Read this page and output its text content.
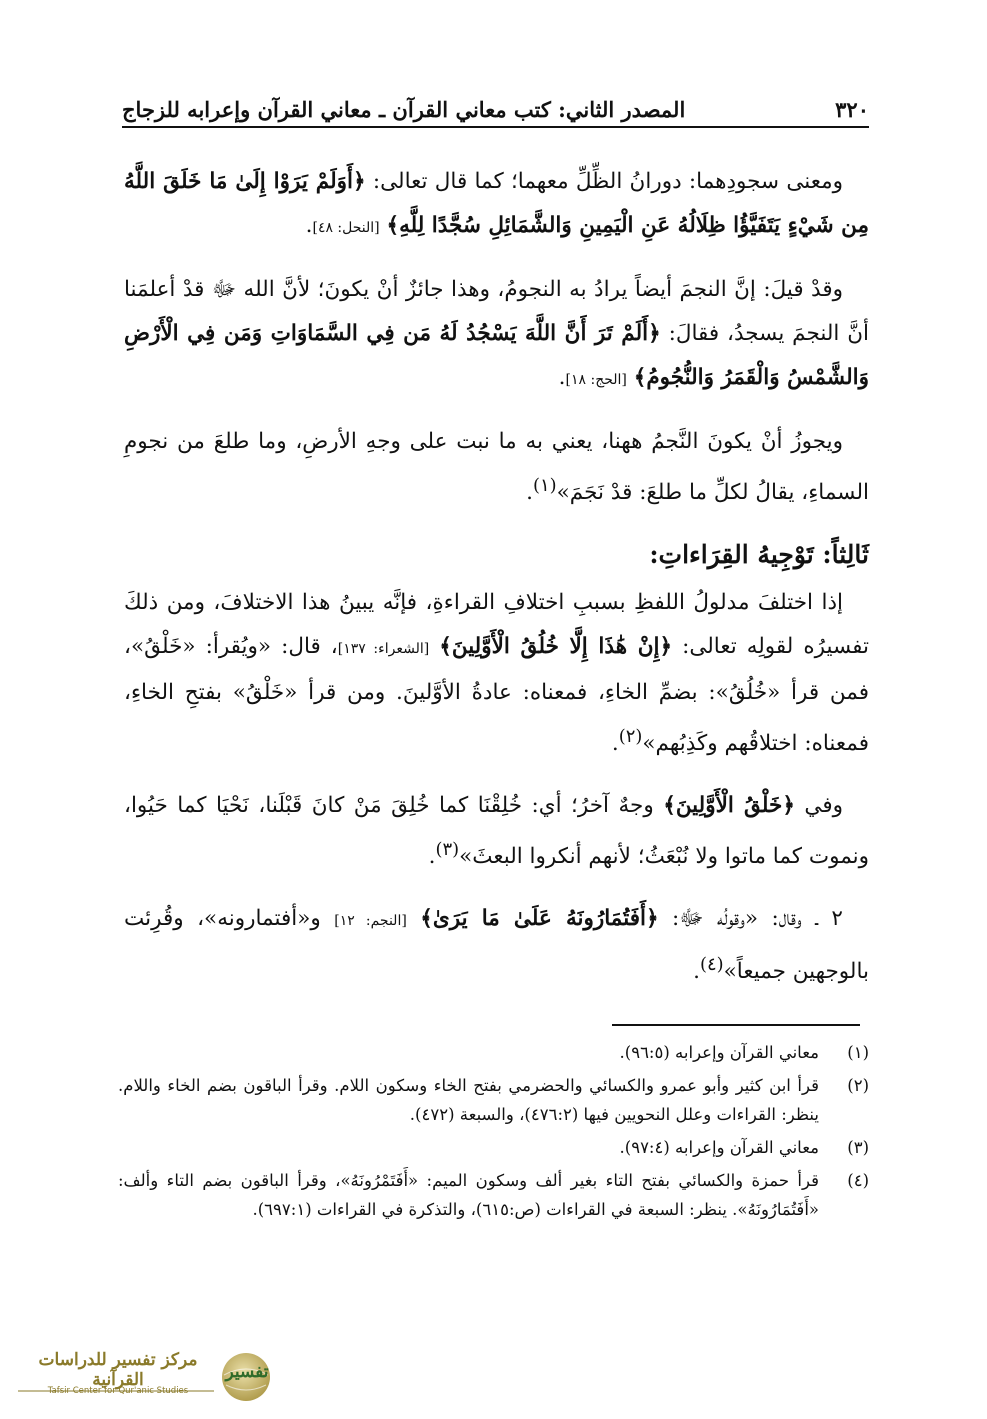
٣٢٠
المصدر الثاني: كتب معاني القرآن ـ معاني القرآن وإعرابه للزجاج

ومعنى سجودِهما: دورانُ الظِّلِّ معهما؛ كما قال تعالى: ﴿أَوَلَمْ يَرَوْا إِلَىٰ مَا خَلَقَ اللَّهُ مِن شَيْءٍ يَتَفَيَّؤُا ظِلَالُهُ عَنِ الْيَمِينِ وَالشَّمَائِلِ سُجَّدًا لِلَّهِ﴾ [النحل: ٤٨].

وقدْ قيلَ: إنَّ النجمَ أيضاً يرادُ به النجومُ، وهذا جائزٌ أنْ يكونَ؛ لأنَّ الله ﷻ قدْ أعلمَنا أنَّ النجمَ يسجدُ، فقالَ: ﴿أَلَمْ تَرَ أَنَّ اللَّهَ يَسْجُدُ لَهُ مَن فِي السَّمَاوَاتِ وَمَن فِي الْأَرْضِ وَالشَّمْسُ وَالْقَمَرُ وَالنُّجُومُ﴾ [الحج: ١٨].

ويجوزُ أنْ يكونَ النَّجمُ ههنا، يعني به ما نبت على وجهِ الأرضِ، وما طلعَ من نجومِ السماءِ، يقالُ لكلِّ ما طلعَ: قدْ نَجَمَ»$^{(١)}$.

ثَالِثاً: تَوْجِيهُ القِرَاءاتِ:

إذا اختلفَ مدلولُ اللفظِ بسببِ اختلافِ القراءةِ، فإنَّه يبينُ هذا الاختلافَ، ومن ذلكَ تفسيرُه لقولِه تعالى: ﴿إِنْ هَٰذَا إِلَّا خُلُقُ الْأَوَّلِينَ﴾ [الشعراء: ١٣٧]، قال: «ويُقرأ: «خَلْقُ»، فمن قرأ «خُلُقُ»: بضمِّ الخاءِ، فمعناه: عادةُ الأوَّلينَ. ومن قرأ «خَلْقُ» بفتحِ الخاءِ، فمعناه: اختلاقُهم وكَذِبُهم»$^{(٢)}$.

وفي ﴿خَلْقُ الْأَوَّلِينَ﴾ وجهٌ آخرُ؛ أي: خُلِقْنَا كما خُلِقَ مَنْ كانَ قَبْلَنا، نَحْيَا كما حَيُوا، ونموت كما ماتوا ولا نُبْعَثُ؛ لأنهم أنكروا البعثَ»$^{(٣)}$.

٢ ـ وقال: «وقولُه ﷻ: ﴿أَفَتُمَارُونَهُ عَلَىٰ مَا يَرَىٰ﴾ [النجم: ١٢] و«أفتمارونه»، وقُرِئت بالوجهين جميعاً»$^{(٤)}$.

(١)
معاني القرآن وإعرابه (٩٦:٥).
(٢)
قرأ ابن كثير وأبو عمرو والكسائي والحضرمي بفتح الخاء وسكون اللام. وقرأ الباقون بضم الخاء واللام. ينظر: القراءات وعلل النحويين فيها (٤٧٦:٢)، والسبعة (٤٧٢).
(٣)
معاني القرآن وإعرابه (٩٧:٤).
(٤)
قرأ حمزة والكسائي بفتح التاء بغير ألف وسكون الميم: «أَفَتَمْرُونَهُ»، وقرأ الباقون بضم التاء وألف: «أَفَتُمَارُونَهُ». ينظر: السبعة في القراءات (ص:٦١٥)، والتذكرة في القراءات (٦٩٧:١).
مركز تفسير للدراسات القرآنية
Tafsir Center for Qur'anic Studies
تفسير
